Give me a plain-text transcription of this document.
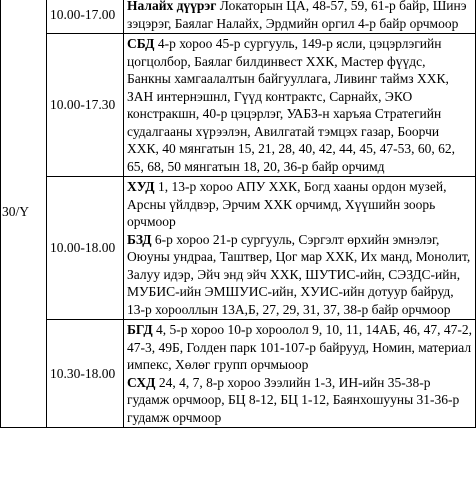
30/Y	10.00-17.00	Налайх дүүрэг Локаторын ЦА, 48-57, 59, 61-р байр, Шинэ зэцэрэг, Баялаг Налайх, Эрдмийн оргил 4-р байр орчмоор

	10.00-17.30	СБД 4-р хороо 45-р сургууль, 149-р ясли, цэцэрлэгийн цогцолбор, Баялаг билдинвест ХХК, Мастер фүүдс, Банкны хамгаалалтын байгууллага, Ливинг таймз ХХК, ЗАН интернэшнл, Гүүд контрактс, Сарнайх, ЭКО констракшн, 40-р цэцэрлэг, УАБЗ-н харъяа Стратегийн судалгааны хүрээлэн, Авилгатай тэмцэх газар, Боорчи ХХК, 40 мянгатын 15, 21, 28, 40, 42, 44, 45, 47-53, 60, 62, 65, 68, 50 мянгатын 18, 20, 36-р байр орчимд

	10.00-18.00	ХУД 1, 13-р хороо АПУ ХХК, Богд хааны ордон музей, Арсны үйлдвэр, Эрчим ХХК орчимд, Хүүшийн зоорь орчмоор
БЗД 6-р хороо 21-р сургууль, Сэргэлт өрхийн эмнэлэг, Оюуны ундраа, Таштвер, Цог мар ХХК, Их манд, Монолит, Залуу идэр, Эйч энд эйч ХХК, ШУТИС-ийн, СЭЗДС-ийн, МУБИС-ийн ЭМШУИС-ийн, ХУИС-ийн дотуур байруд, 13-р хорооллын 13А,Б, 27, 29, 31, 37, 38-р байр орчмоор

	10.30-18.00	БГД 4, 5-р хороо 10-р хороолол 9, 10, 11, 14АБ, 46, 47, 47-2, 47-3, 49Б, Голден парк 101-107-р байрууд, Номин, материал импекс, Хөлөг групп орчмыоор
СХД 24, 4, 7, 8-р хороо Зээлийн 1-3, ИН-ийн 35-38-р гудамж орчмоор, БЦ 8-12, БЦ 1-12, Баянхошууны 31-36-р гудамж орчмоор
